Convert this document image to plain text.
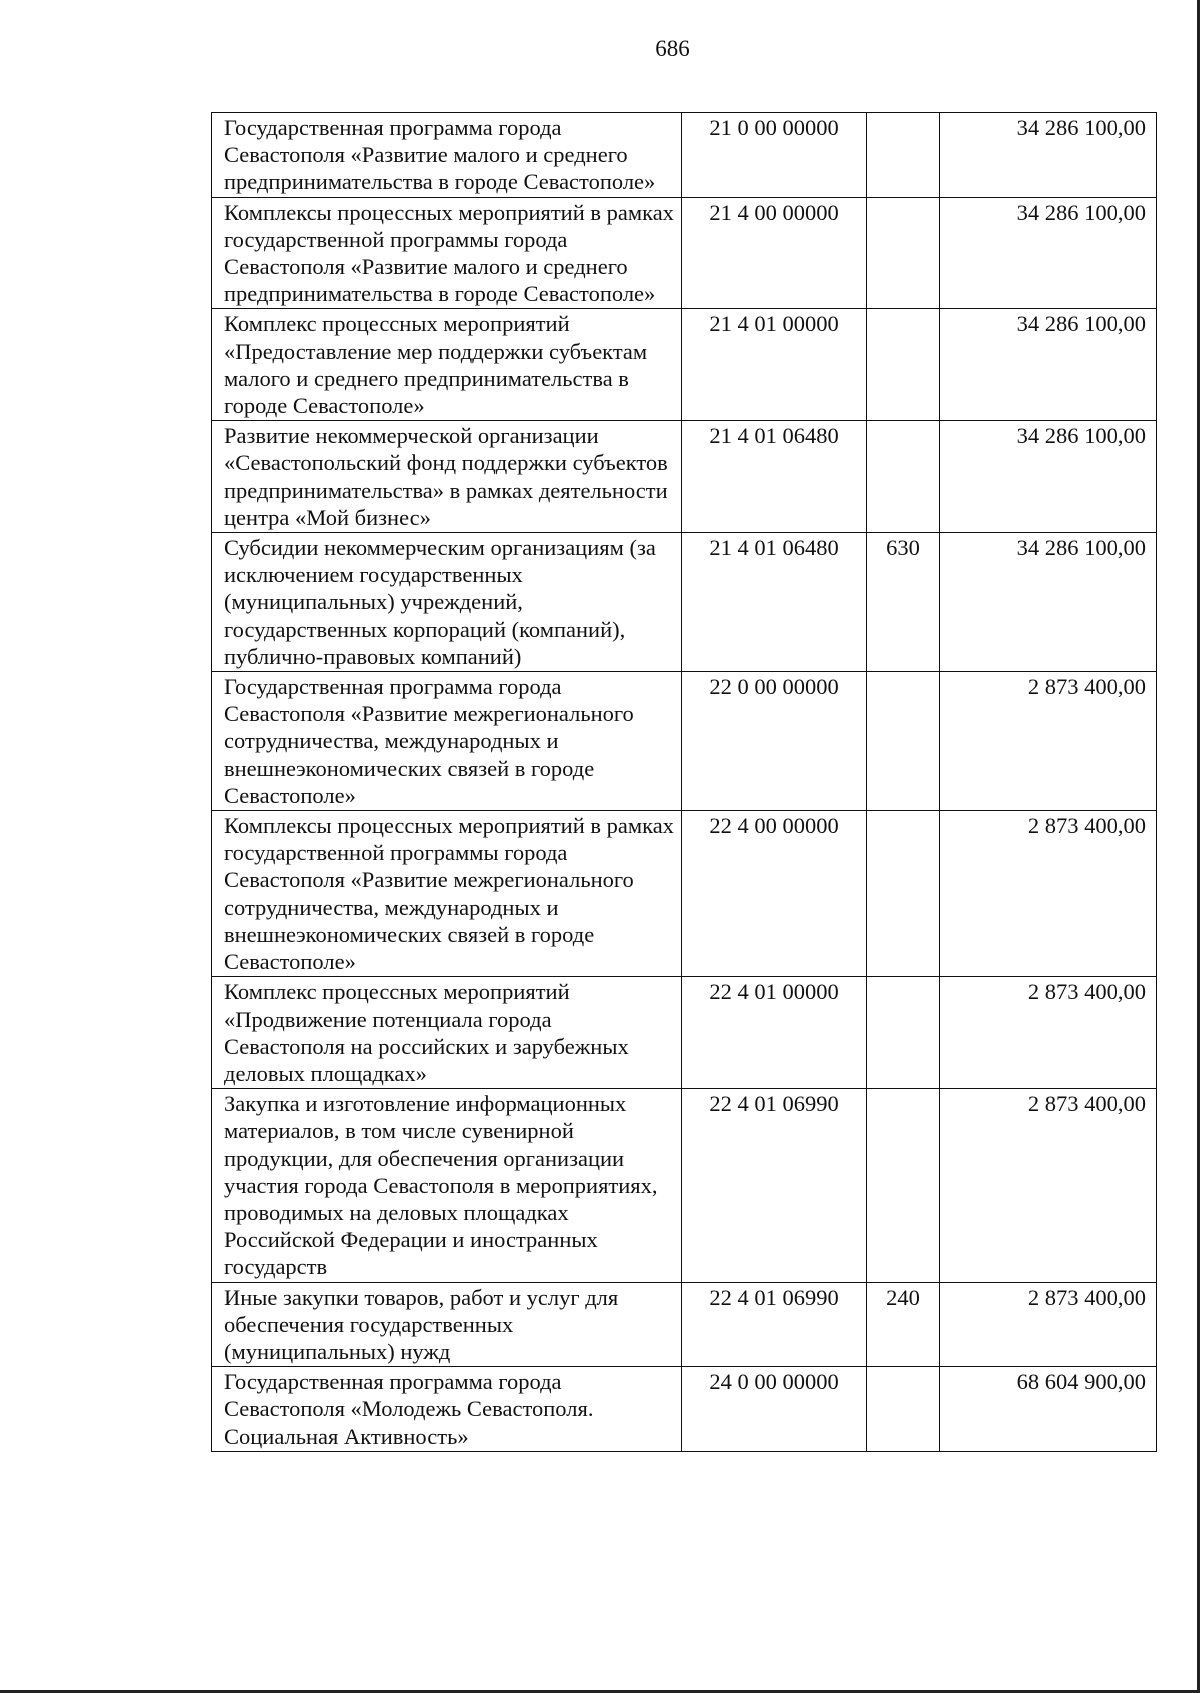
686
Государственная программа города Севастополя «Развитие малого и среднего предпринимательства в городе Севастополе»	21 0 00 00000		34 286 100,00
Комплексы процессных мероприятий в рамках государственной программы города Севастополя «Развитие малого и среднего предпринимательства в городе Севастополе»	21 4 00 00000		34 286 100,00
Комплекс процессных мероприятий «Предоставление мер поддержки субъектам малого и среднего предпринимательства в городе Севастополе»	21 4 01 00000		34 286 100,00
Развитие некоммерческой организации «Севастопольский фонд поддержки субъектов предпринимательства» в рамках деятельности центра «Мой бизнес»	21 4 01 06480		34 286 100,00
Субсидии некоммерческим организациям (за исключением государственных (муниципальных) учреждений, государственных корпораций (компаний), публично-правовых компаний)	21 4 01 06480	630	34 286 100,00
Государственная программа города Севастополя «Развитие межрегионального сотрудничества, международных и внешнеэкономических связей в городе Севастополе»	22 0 00 00000		2 873 400,00
Комплексы процессных мероприятий в рамках государственной программы города Севастополя «Развитие межрегионального сотрудничества, международных и внешнеэкономических связей в городе Севастополе»	22 4 00 00000		2 873 400,00
Комплекс процессных мероприятий «Продвижение потенциала города Севастополя на российских и зарубежных деловых площадках»	22 4 01 00000		2 873 400,00
Закупка и изготовление информационных материалов, в том числе сувенирной продукции, для обеспечения организации участия города Севастополя в мероприятиях, проводимых на деловых площадках Российской Федерации и иностранных государств	22 4 01 06990		2 873 400,00
Иные закупки товаров, работ и услуг для обеспечения государственных (муниципальных) нужд	22 4 01 06990	240	2 873 400,00
Государственная программа города Севастополя «Молодежь Севастополя. Социальная Активность»	24 0 00 00000		68 604 900,00
